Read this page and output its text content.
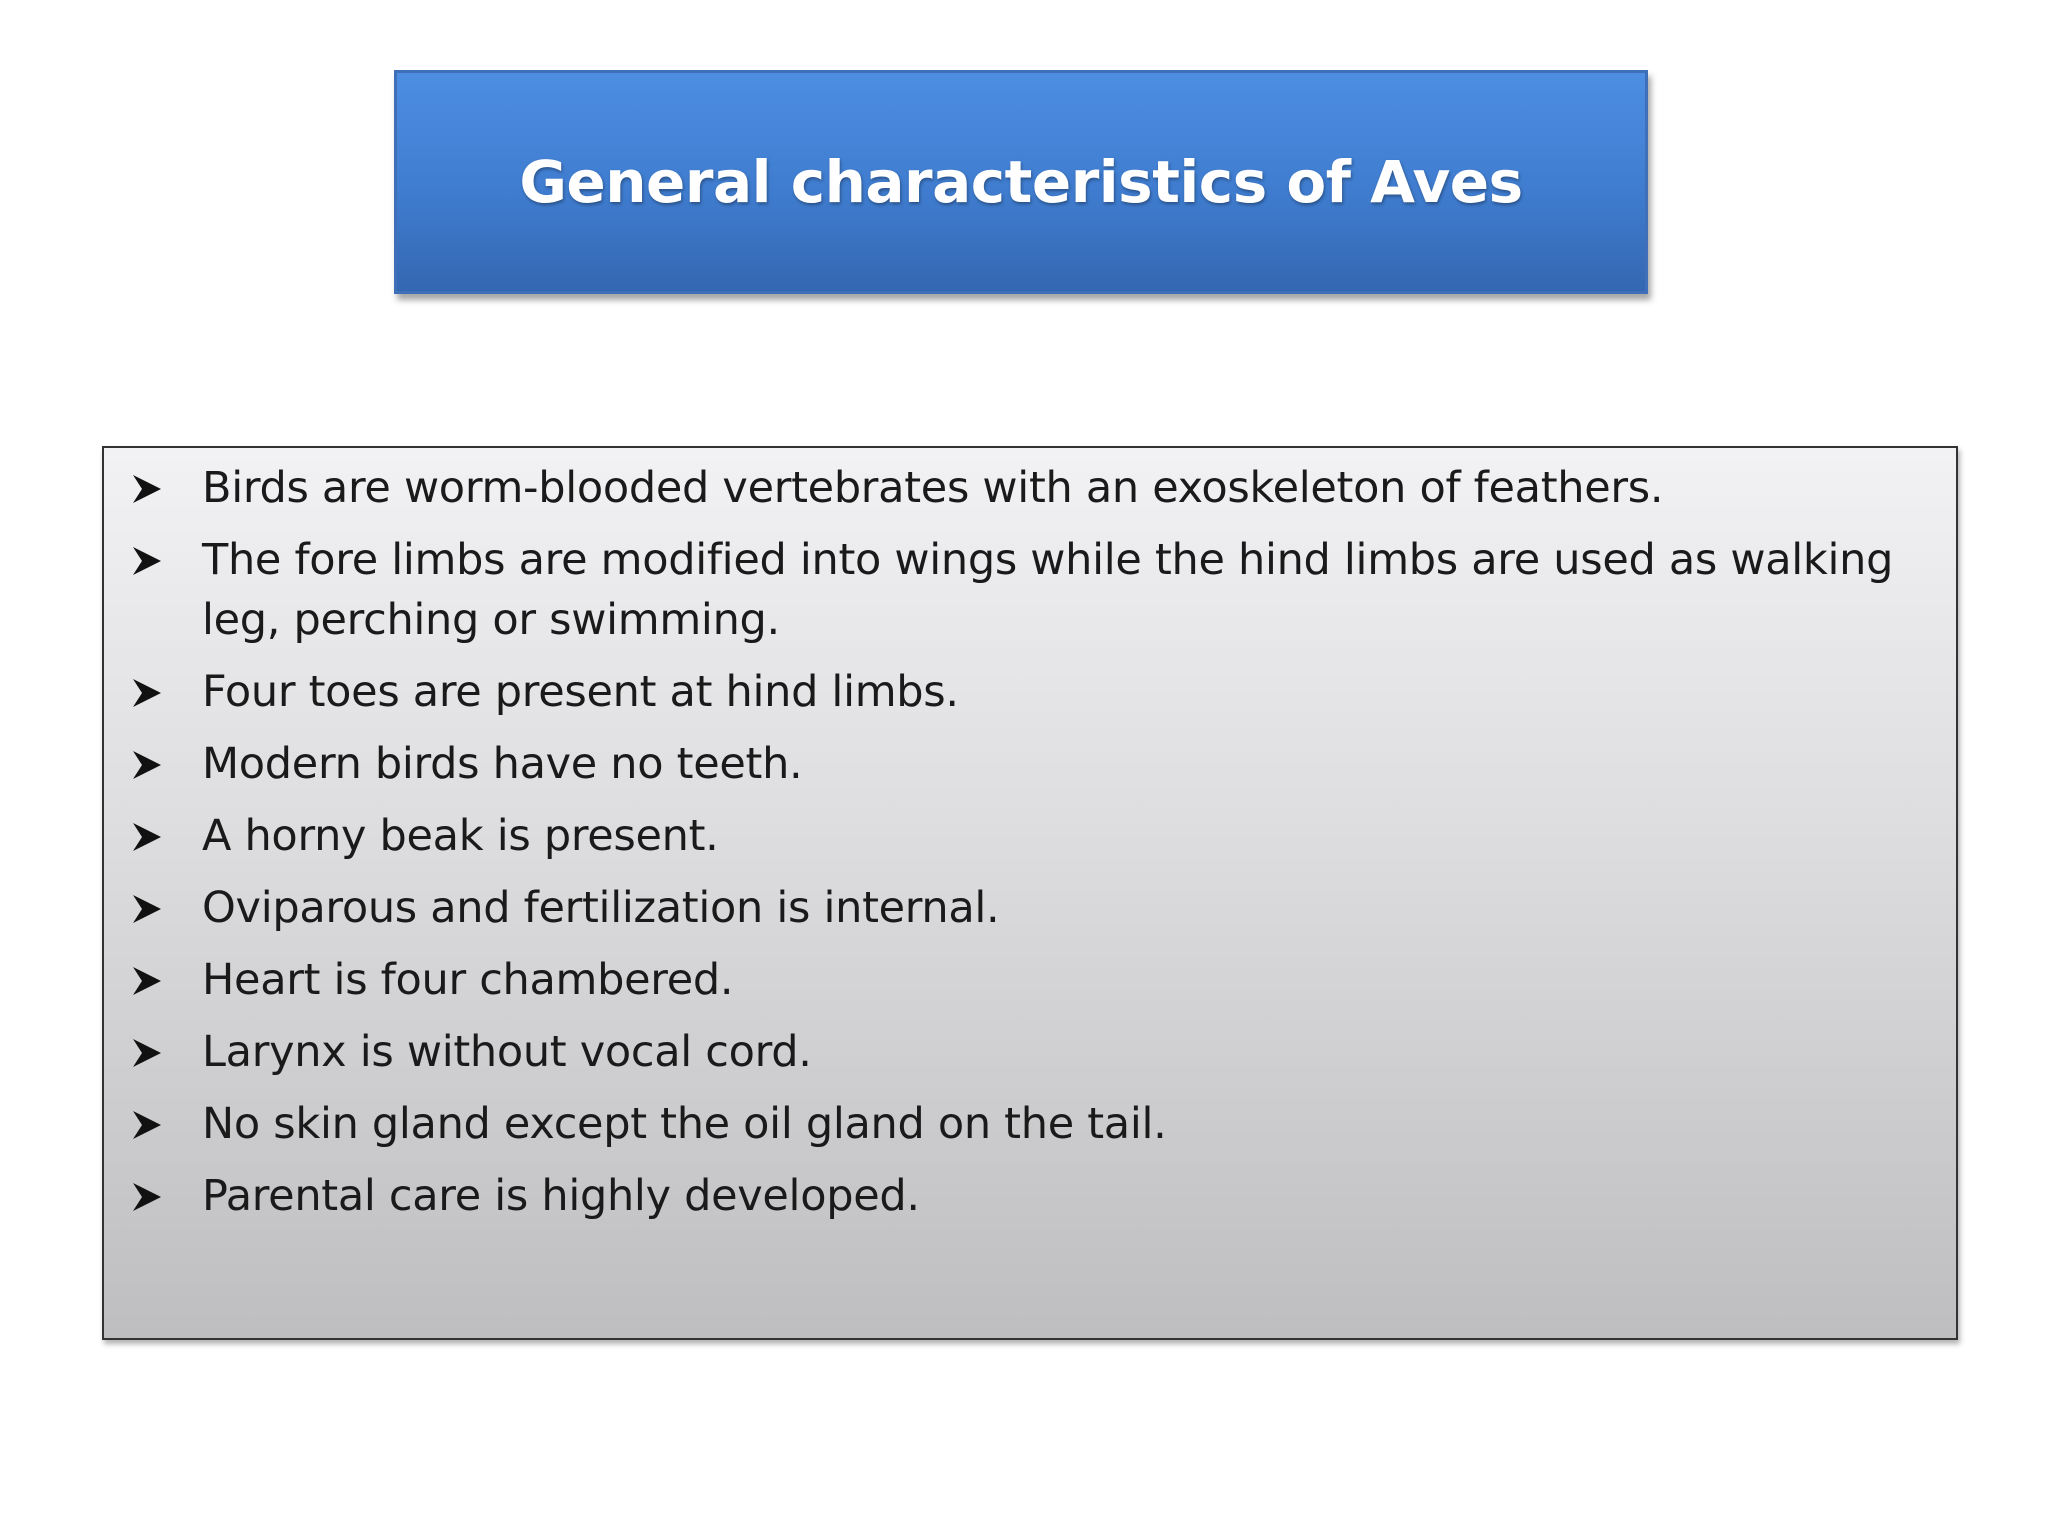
General characteristics of Aves
Birds are worm-blooded vertebrates with an exoskeleton of feathers.
The fore limbs are modified into wings while the hind limbs are used as walking leg, perching or swimming.
Four toes are present at hind limbs.
Modern birds have no teeth.
A horny beak is present.
Oviparous and fertilization is internal.
Heart is four chambered.
Larynx is without vocal cord.
No skin gland except the oil gland on the tail.
Parental care is highly developed.
